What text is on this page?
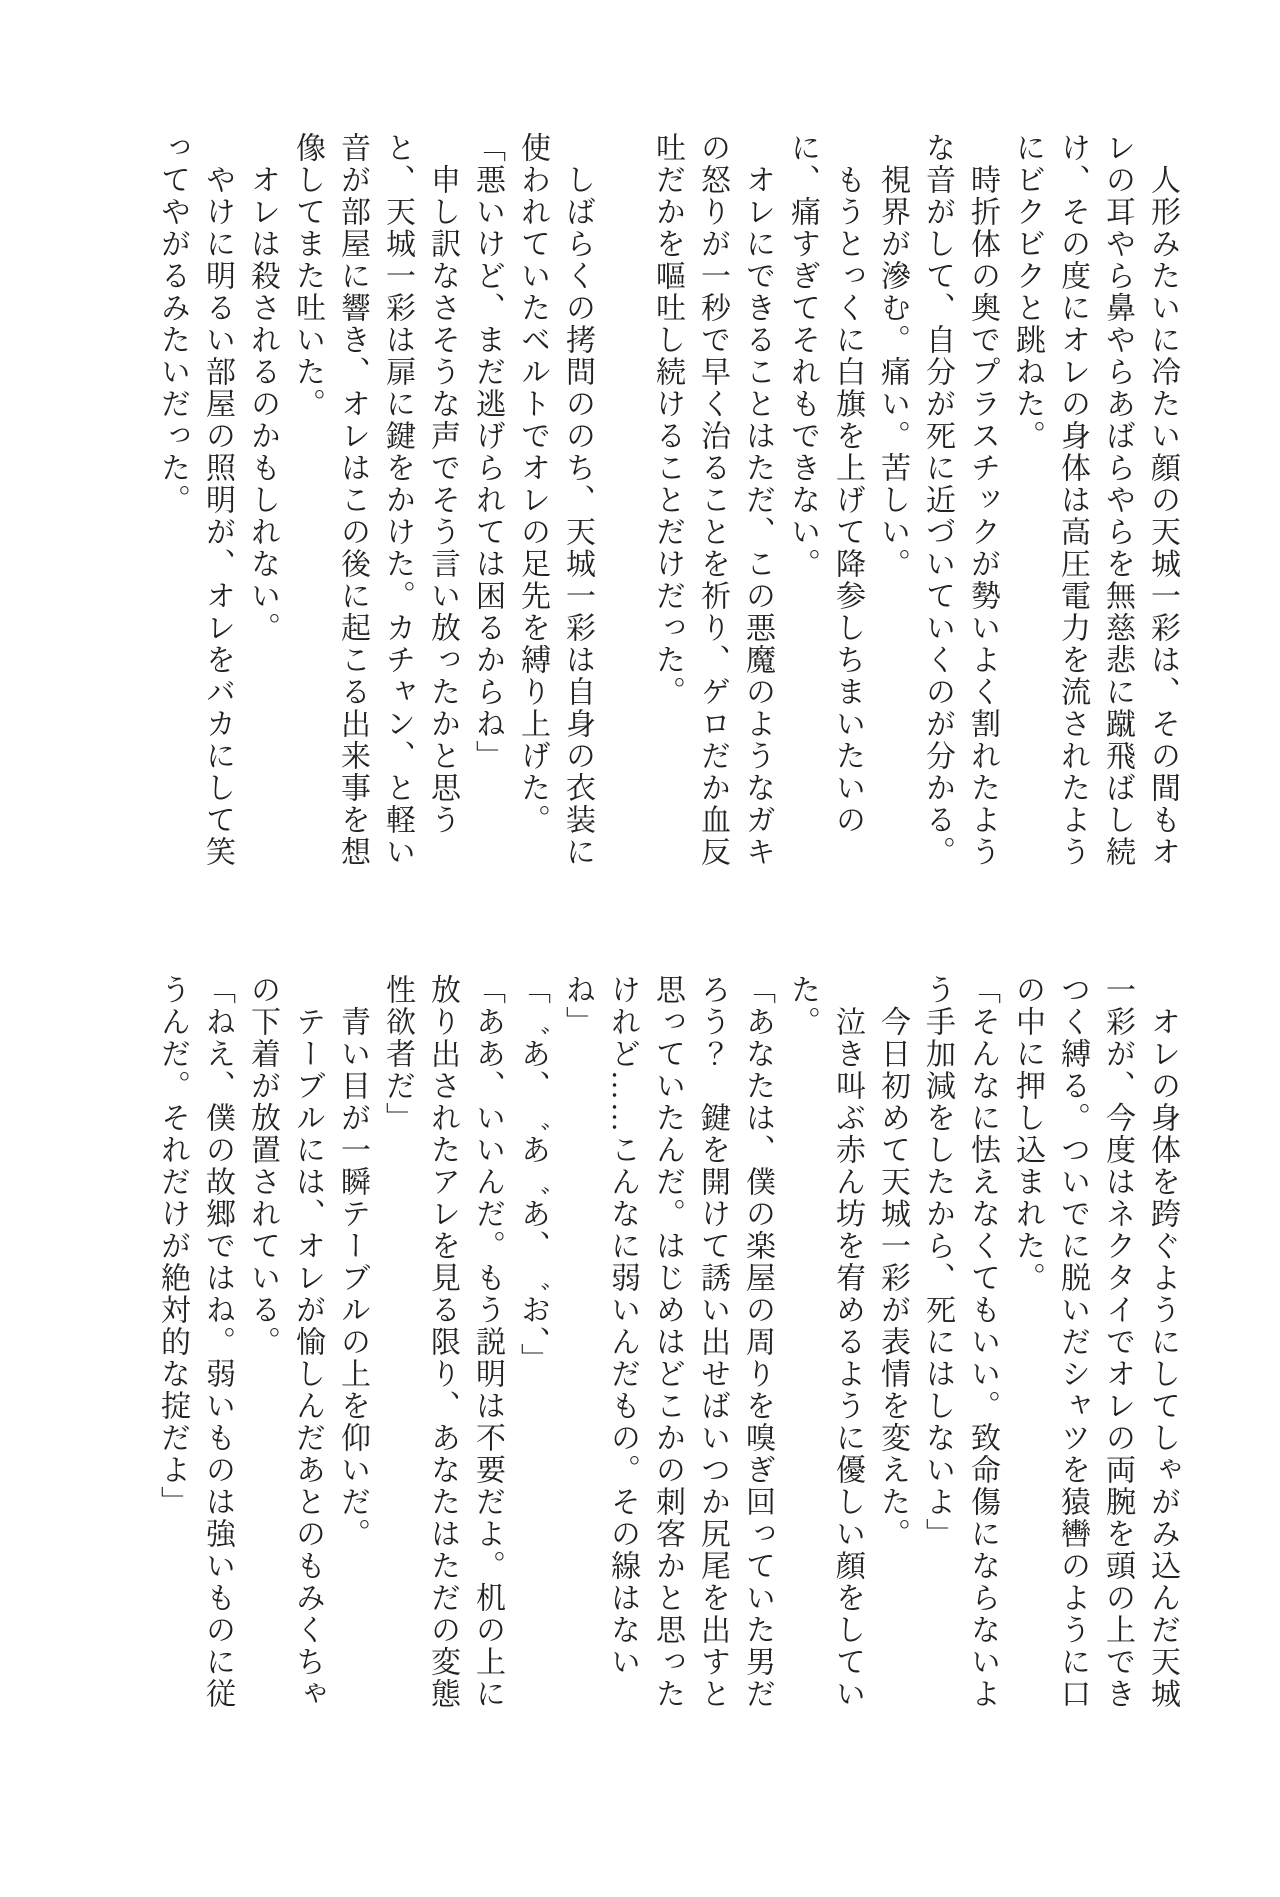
　人形みたいに冷たい顔の天城一彩は、その間もオレの耳やら鼻やらあばらやらを無慈悲に蹴飛ばし続け、その度にオレの身体は高圧電力を流されたようにビクビクと跳ねた。

　時折体の奥でプラスチックが勢いよく割れたような音がして、自分が死に近づいていくのが分かる。

　視界が滲む。痛い。苦しい。

　もうとっくに白旗を上げて降参しちまいたいのに、痛すぎてそれもできない。

　オレにできることはただ、この悪魔のようなガキの怒りが一秒で早く治ることを祈り、ゲロだか血反吐だかを嘔吐し続けることだけだった。

　しばらくの拷問ののち、天城一彩は自身の衣装に使われていたベルトでオレの足先を縛り上げた。

「悪いけど、まだ逃げられては困るからね」

　申し訳なさそうな声でそう言い放ったかと思うと、天城一彩は扉に鍵をかけた。カチャン、と軽い音が部屋に響き、オレはこの後に起こる出来事を想像してまた吐いた。

　オレは殺されるのかもしれない。

　やけに明るい部屋の照明が、オレをバカにして笑ってやがるみたいだった。

　オレの身体を跨ぐようにしてしゃがみ込んだ天城一彩が、今度はネクタイでオレの両腕を頭の上できつく縛る。ついでに脱いだシャツを猿轡のように口の中に押し込まれた。

「そんなに怯えなくてもいい。致命傷にならないよう手加減をしたから、死にはしないよ」

　今日初めて天城一彩が表情を変えた。

　泣き叫ぶ赤ん坊を宥めるように優しい顔をしていた。

「あなたは、僕の楽屋の周りを嗅ぎ回っていた男だろう？　鍵を開けて誘い出せばいつか尻尾を出すと思っていたんだ。はじめはどこかの刺客かと思ったけれど……こんなに弱いんだもの。その線はないね」

「゛あ、゛あ゛あ、゛お、」

「ああ、いいんだ。もう説明は不要だよ。机の上に放り出されたアレを見る限り、あなたはただの変態性欲者だ」

　青い目が一瞬テーブルの上を仰いだ。

　テーブルには、オレが愉しんだあとのもみくちゃの下着が放置されている。

「ねえ、僕の故郷ではね。弱いものは強いものに従うんだ。それだけが絶対的な掟だよ」
